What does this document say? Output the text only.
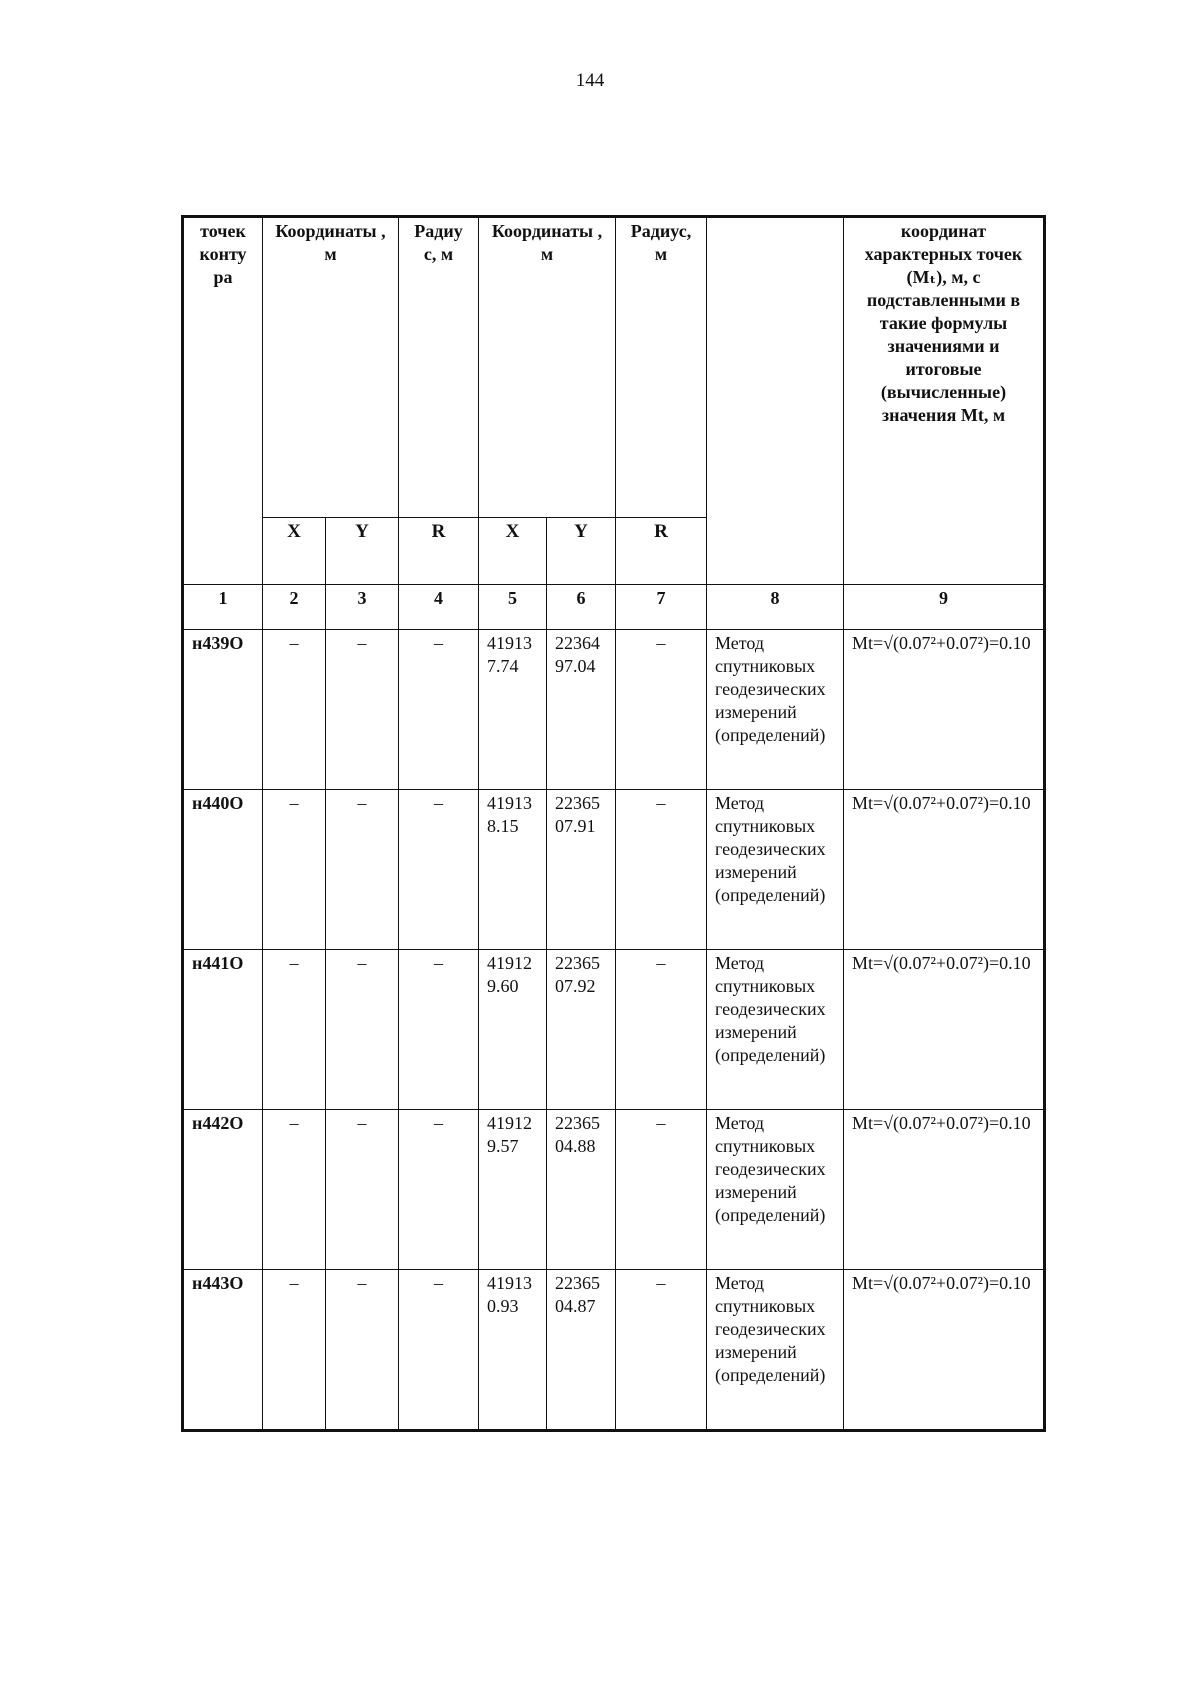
144
точек конту ра	Координаты , м		Радиу с, м	Координаты , м		Радиус, м		координат характерных точек (Mₜ), м, с подставленными в такие формулы значениями и итоговые (вычисленные) значения Mt, м
	X	Y	R	X	Y	R		
1	2	3	4	5	6	7	8	9
н439О	–	–	–	419137.74	2236497.04	–	Метод спутниковых геодезических измерений (определений)	Mt=√(0.07²+0.07²)=0.10
н440О	–	–	–	419138.15	2236507.91	–	Метод спутниковых геодезических измерений (определений)	Mt=√(0.07²+0.07²)=0.10
н441О	–	–	–	419129.60	2236507.92	–	Метод спутниковых геодезических измерений (определений)	Mt=√(0.07²+0.07²)=0.10
н442О	–	–	–	419129.57	2236504.88	–	Метод спутниковых геодезических измерений (определений)	Mt=√(0.07²+0.07²)=0.10
н443О	–	–	–	419130.93	2236504.87	–	Метод спутниковых геодезических измерений (определений)	Mt=√(0.07²+0.07²)=0.10
